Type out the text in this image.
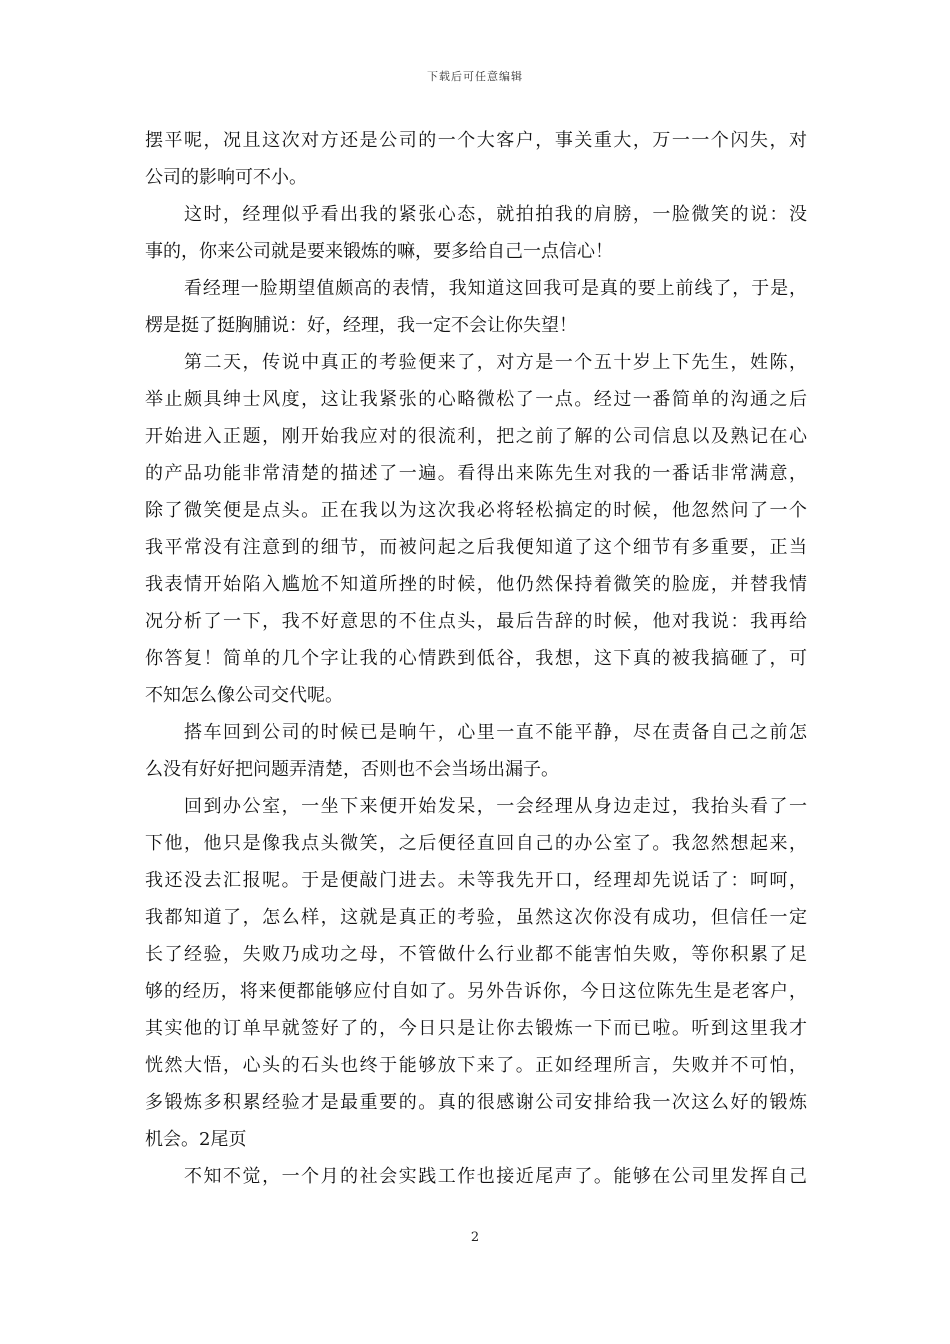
下载后可任意编辑
摆平呢，况且这次对方还是公司的一个大客户，事关重大，万一一个闪失，对
公司的影响可不小。
这时，经理似乎看出我的紧张心态，就拍拍我的肩膀，一脸微笑的说：没
事的，你来公司就是要来锻炼的嘛，要多给自己一点信心！
看经理一脸期望值颇高的表情，我知道这回我可是真的要上前线了，于是，
楞是挺了挺胸脯说：好，经理，我一定不会让你失望！
第二天，传说中真正的考验便来了，对方是一个五十岁上下先生，姓陈，
举止颇具绅士风度，这让我紧张的心略微松了一点。经过一番简单的沟通之后
开始进入正题，刚开始我应对的很流利，把之前了解的公司信息以及熟记在心
的产品功能非常清楚的描述了一遍。看得出来陈先生对我的一番话非常满意，
除了微笑便是点头。正在我以为这次我必将轻松搞定的时候，他忽然问了一个
我平常没有注意到的细节，而被问起之后我便知道了这个细节有多重要，正当
我表情开始陷入尴尬不知道所挫的时候，他仍然保持着微笑的脸庞，并替我情
况分析了一下，我不好意思的不住点头，最后告辞的时候，他对我说：我再给
你答复！简单的几个字让我的心情跌到低谷，我想，这下真的被我搞砸了，可
不知怎么像公司交代呢。
搭车回到公司的时候已是晌午，心里一直不能平静，尽在责备自己之前怎
么没有好好把问题弄清楚，否则也不会当场出漏子。
回到办公室，一坐下来便开始发呆，一会经理从身边走过，我抬头看了一
下他，他只是像我点头微笑，之后便径直回自己的办公室了。我忽然想起来，
我还没去汇报呢。于是便敲门进去。未等我先开口，经理却先说话了：呵呵，
我都知道了，怎么样，这就是真正的考验，虽然这次你没有成功，但信任一定
长了经验，失败乃成功之母，不管做什么行业都不能害怕失败，等你积累了足
够的经历，将来便都能够应付自如了。另外告诉你，今日这位陈先生是老客户，
其实他的订单早就签好了的，今日只是让你去锻炼一下而已啦。听到这里我才
恍然大悟，心头的石头也终于能够放下来了。正如经理所言，失败并不可怕，
多锻炼多积累经验才是最重要的。真的很感谢公司安排给我一次这么好的锻炼
机会。2尾页
不知不觉，一个月的社会实践工作也接近尾声了。能够在公司里发挥自己
2
